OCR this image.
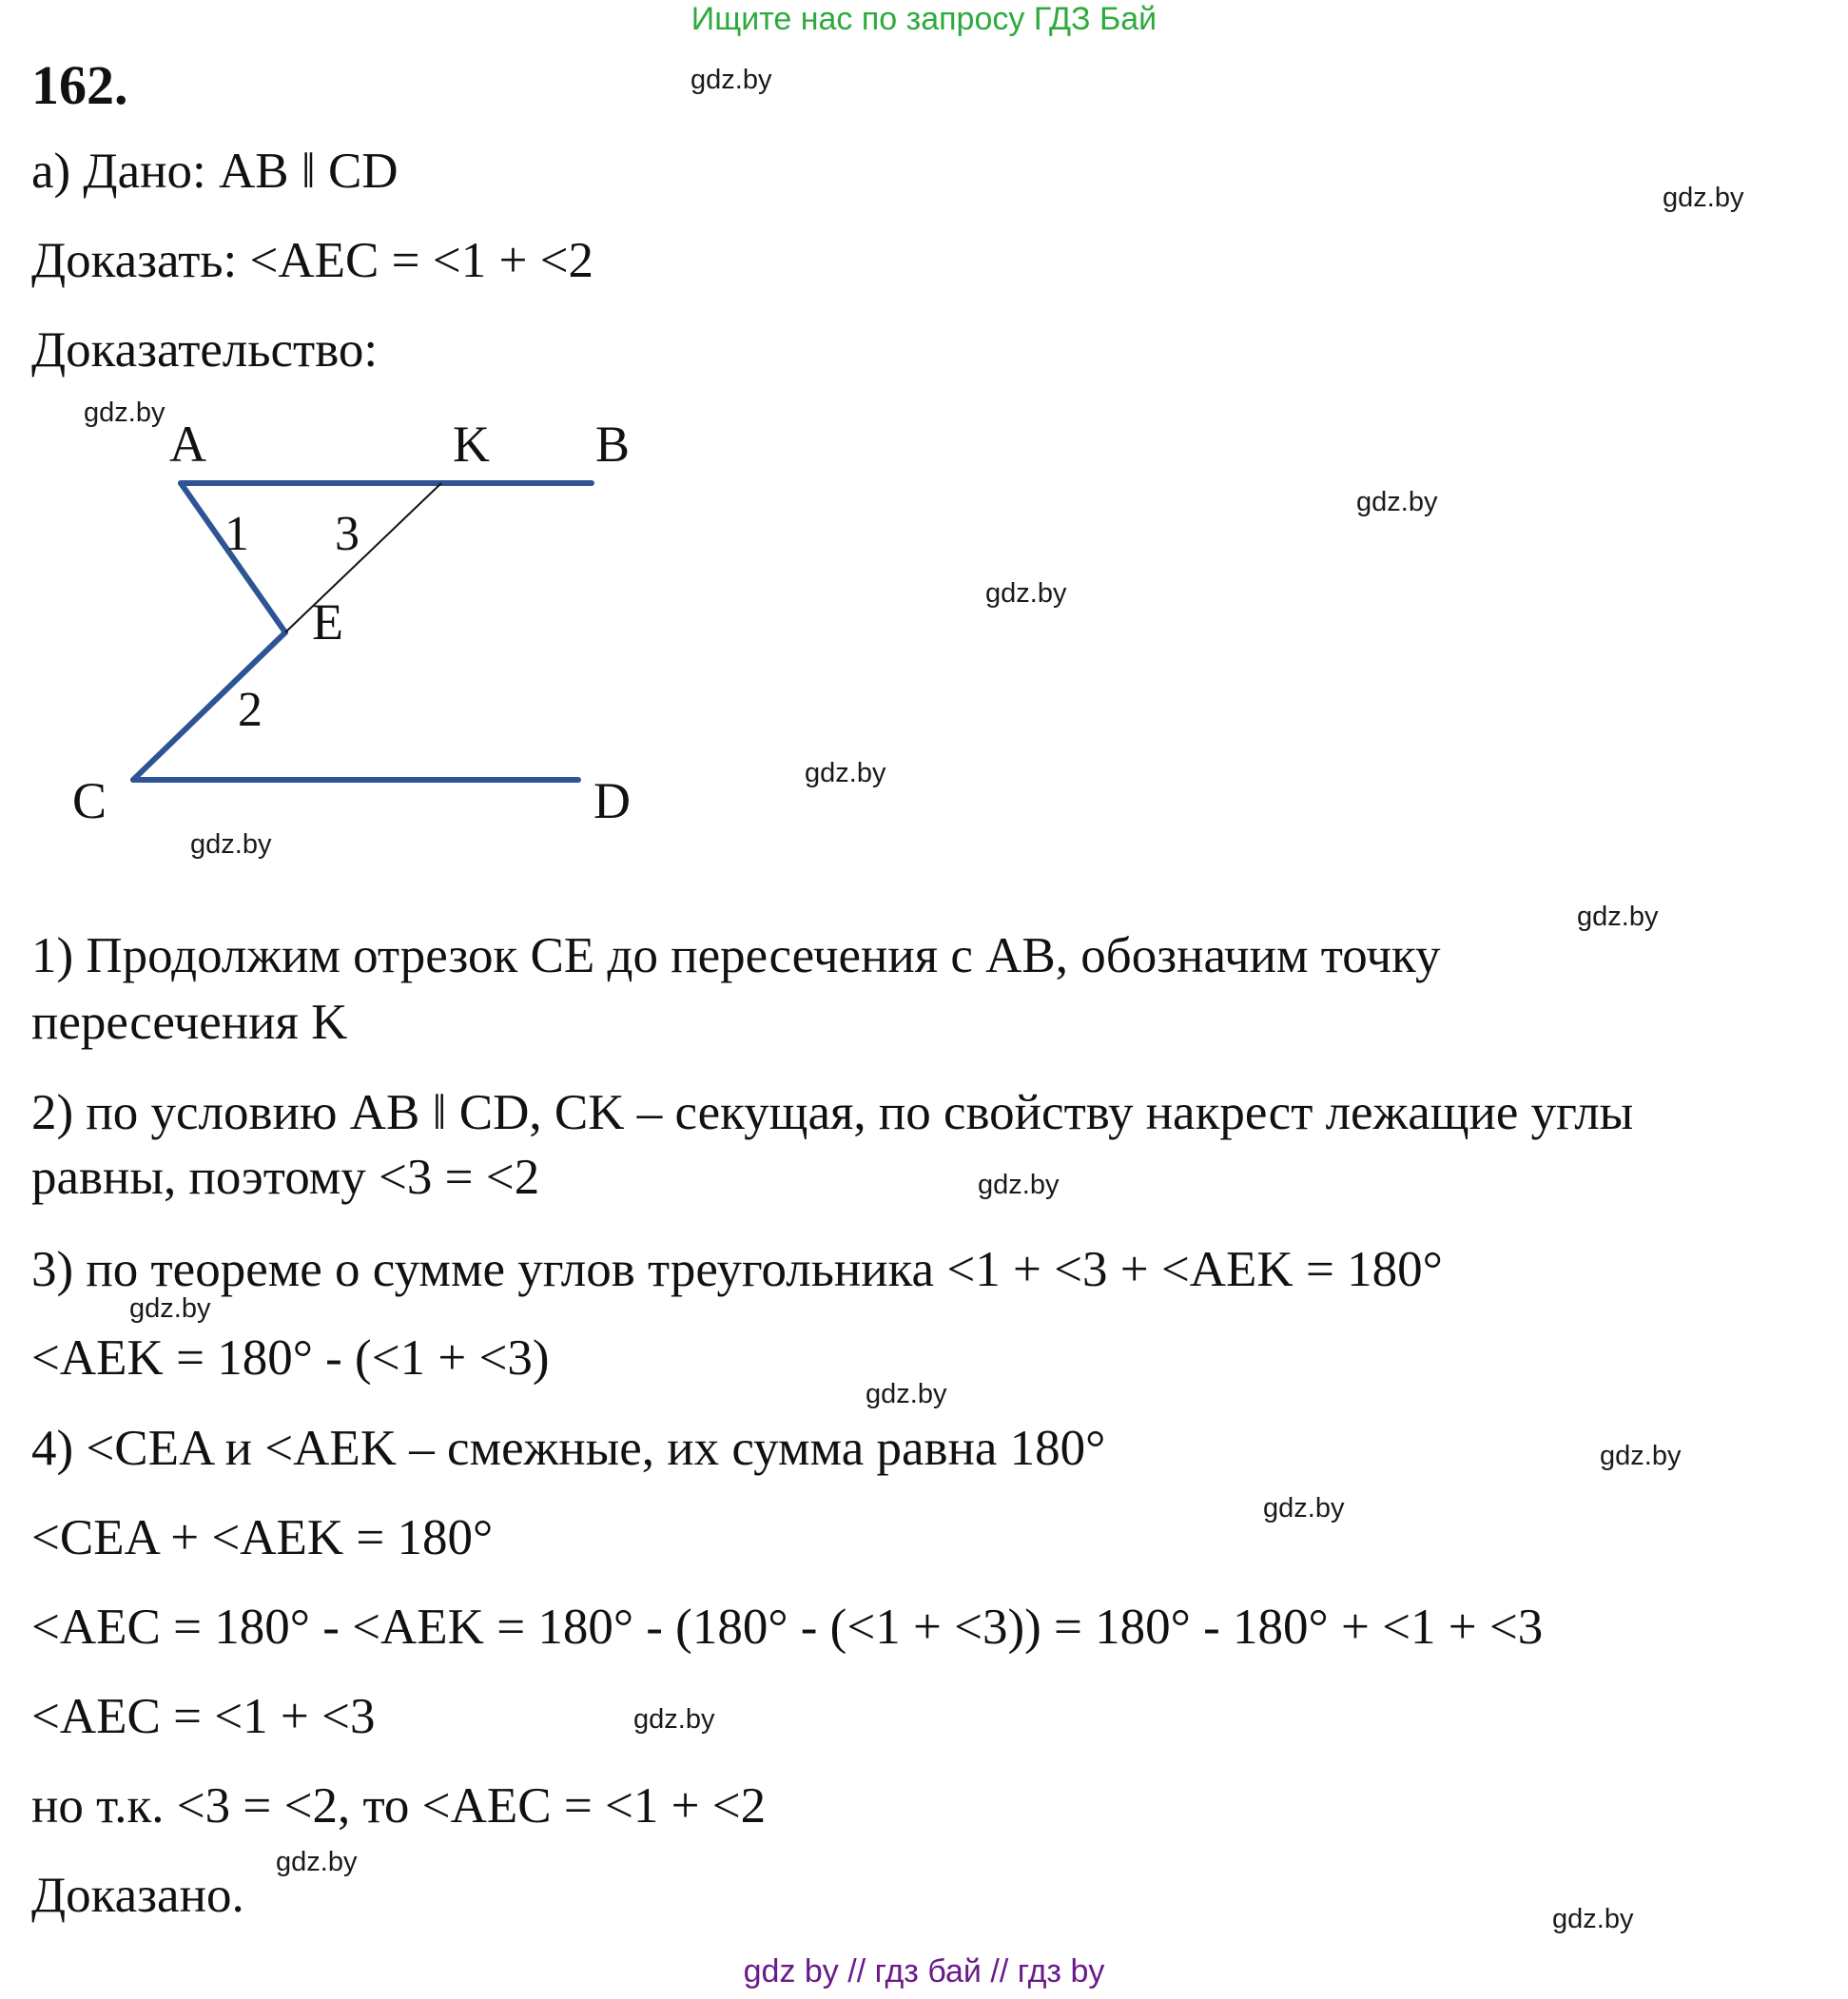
Ищите нас по запросу ГДЗ Бай
162.
а) Дано: AB ǁ CD
Доказать: <AEC = <1 + <2
Доказательство:
A	K B
E
C	D
1 3
2
1) Продолжим отрезок CE до пересечения с AB, обозначим точку
пересечения K
2) по условию AB ǁ CD, CK – секущая, по свойству накрест лежащие углы
равны, поэтому <3 = <2
3) по теореме о сумме углов треугольника <1 + <3 + <AEK = 180°
<AEK = 180° - (<1 + <3)
4) <CEA и <AEK – смежные, их сумма равна 180°
<CEA + <AEK = 180°
<AEC = 180° - <AEK = 180° - (180° - (<1 + <3)) = 180° - 180° + <1 + <3
<AEC = <1 + <3
но т.к. <3 = <2, то <AEC = <1 + <2
Доказано.
gdz.by
gdz.by
gdz.by
gdz.by
gdz.by
gdz.by
gdz.by
gdz.by
gdz.by
gdz.by
gdz.by
gdz.by
gdz.by
gdz.by
gdz.by
gdz.by
gdz by // гдз бай // гдз by
